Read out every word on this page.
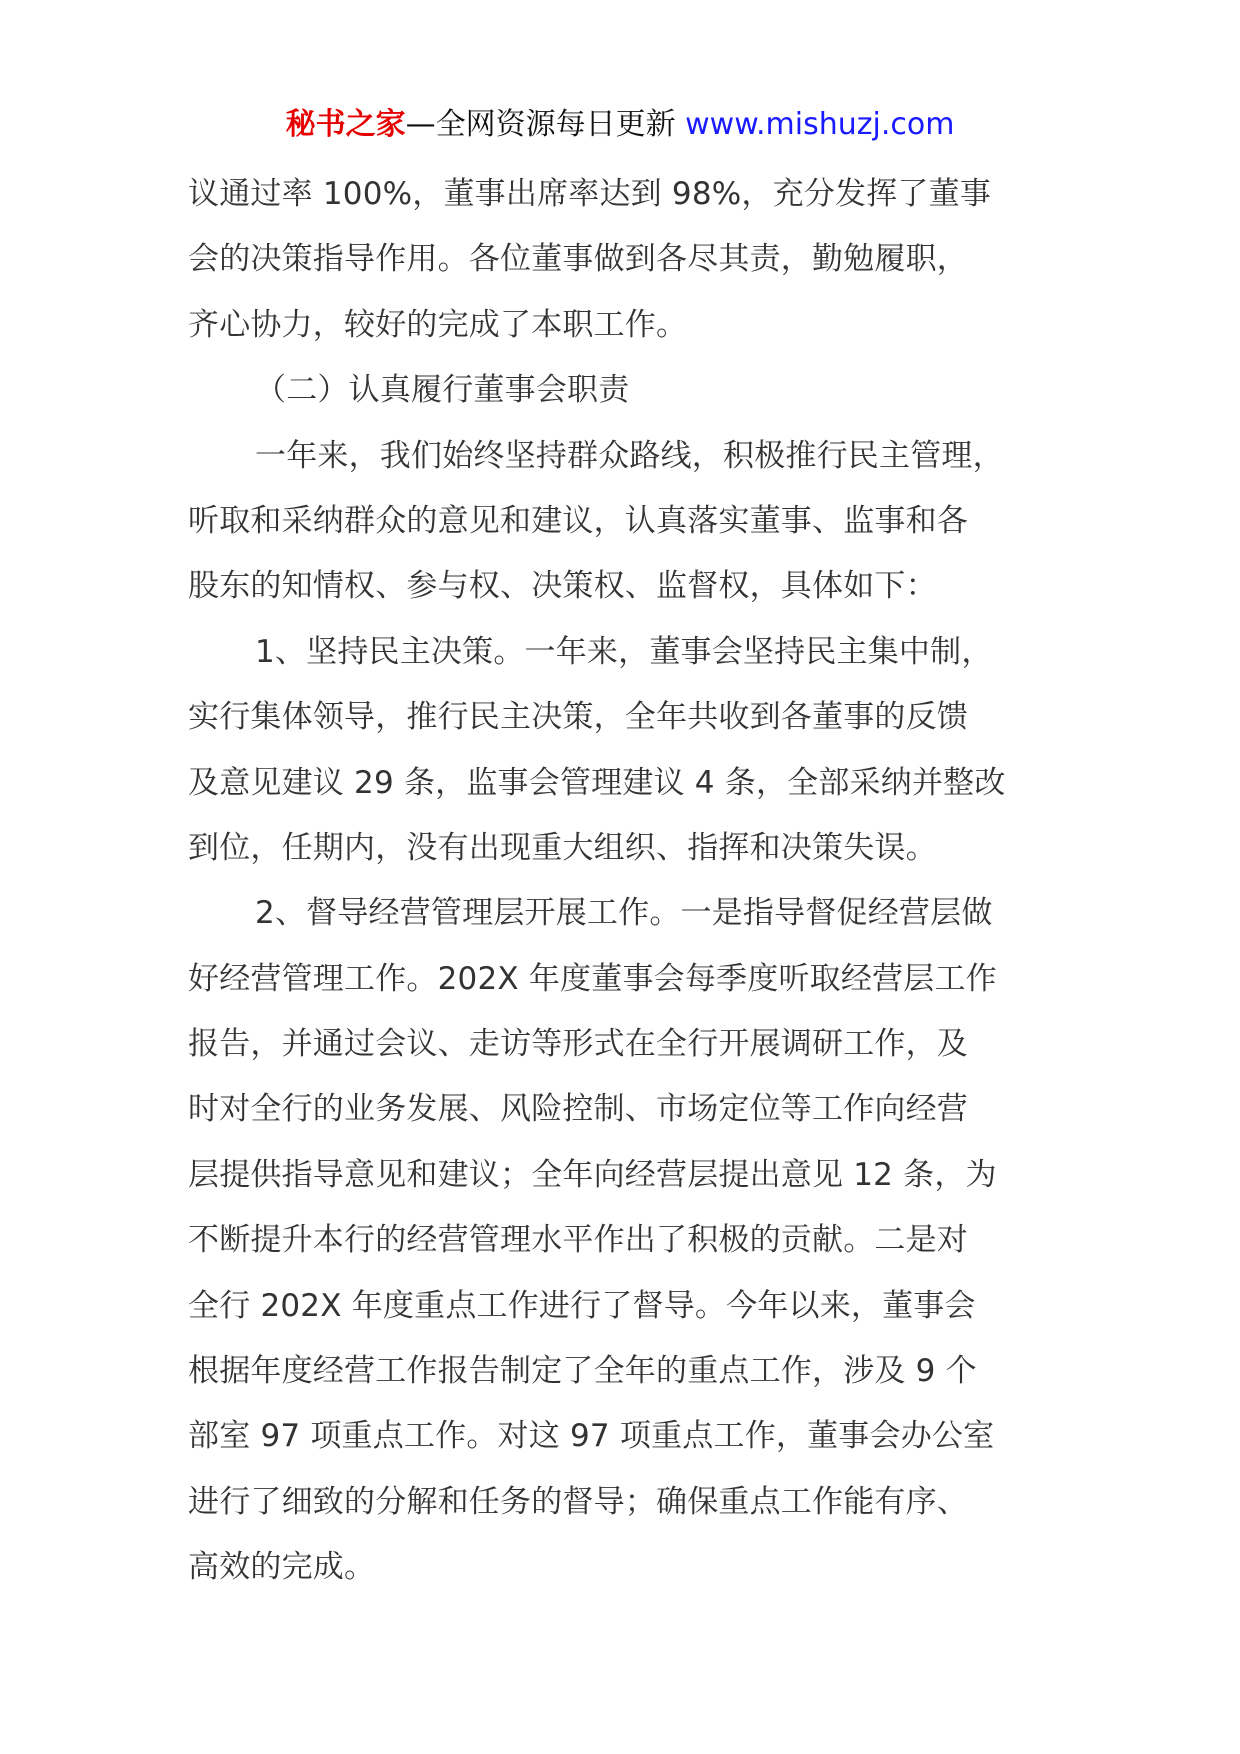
秘书之家—全网资源每日更新 www.mishuzj.com
议通过率 100%，董事出席率达到 98%，充分发挥了董事
会的决策指导作用。各位董事做到各尽其责，勤勉履职，
齐心协力，较好的完成了本职工作。
（二）认真履行董事会职责
一年来，我们始终坚持群众路线，积极推行民主管理，
听取和采纳群众的意见和建议，认真落实董事、监事和各
股东的知情权、参与权、决策权、监督权，具体如下：
1、坚持民主决策。一年来，董事会坚持民主集中制，
实行集体领导，推行民主决策，全年共收到各董事的反馈
及意见建议 29 条，监事会管理建议 4 条，全部采纳并整改
到位，任期内，没有出现重大组织、指挥和决策失误。
2、督导经营管理层开展工作。一是指导督促经营层做
好经营管理工作。202X 年度董事会每季度听取经营层工作
报告，并通过会议、走访等形式在全行开展调研工作，及
时对全行的业务发展、风险控制、市场定位等工作向经营
层提供指导意见和建议；全年向经营层提出意见 12 条，为
不断提升本行的经营管理水平作出了积极的贡献。二是对
全行 202X 年度重点工作进行了督导。今年以来，董事会
根据年度经营工作报告制定了全年的重点工作，涉及 9 个
部室 97 项重点工作。对这 97 项重点工作，董事会办公室
进行了细致的分解和任务的督导；确保重点工作能有序、
高效的完成。
